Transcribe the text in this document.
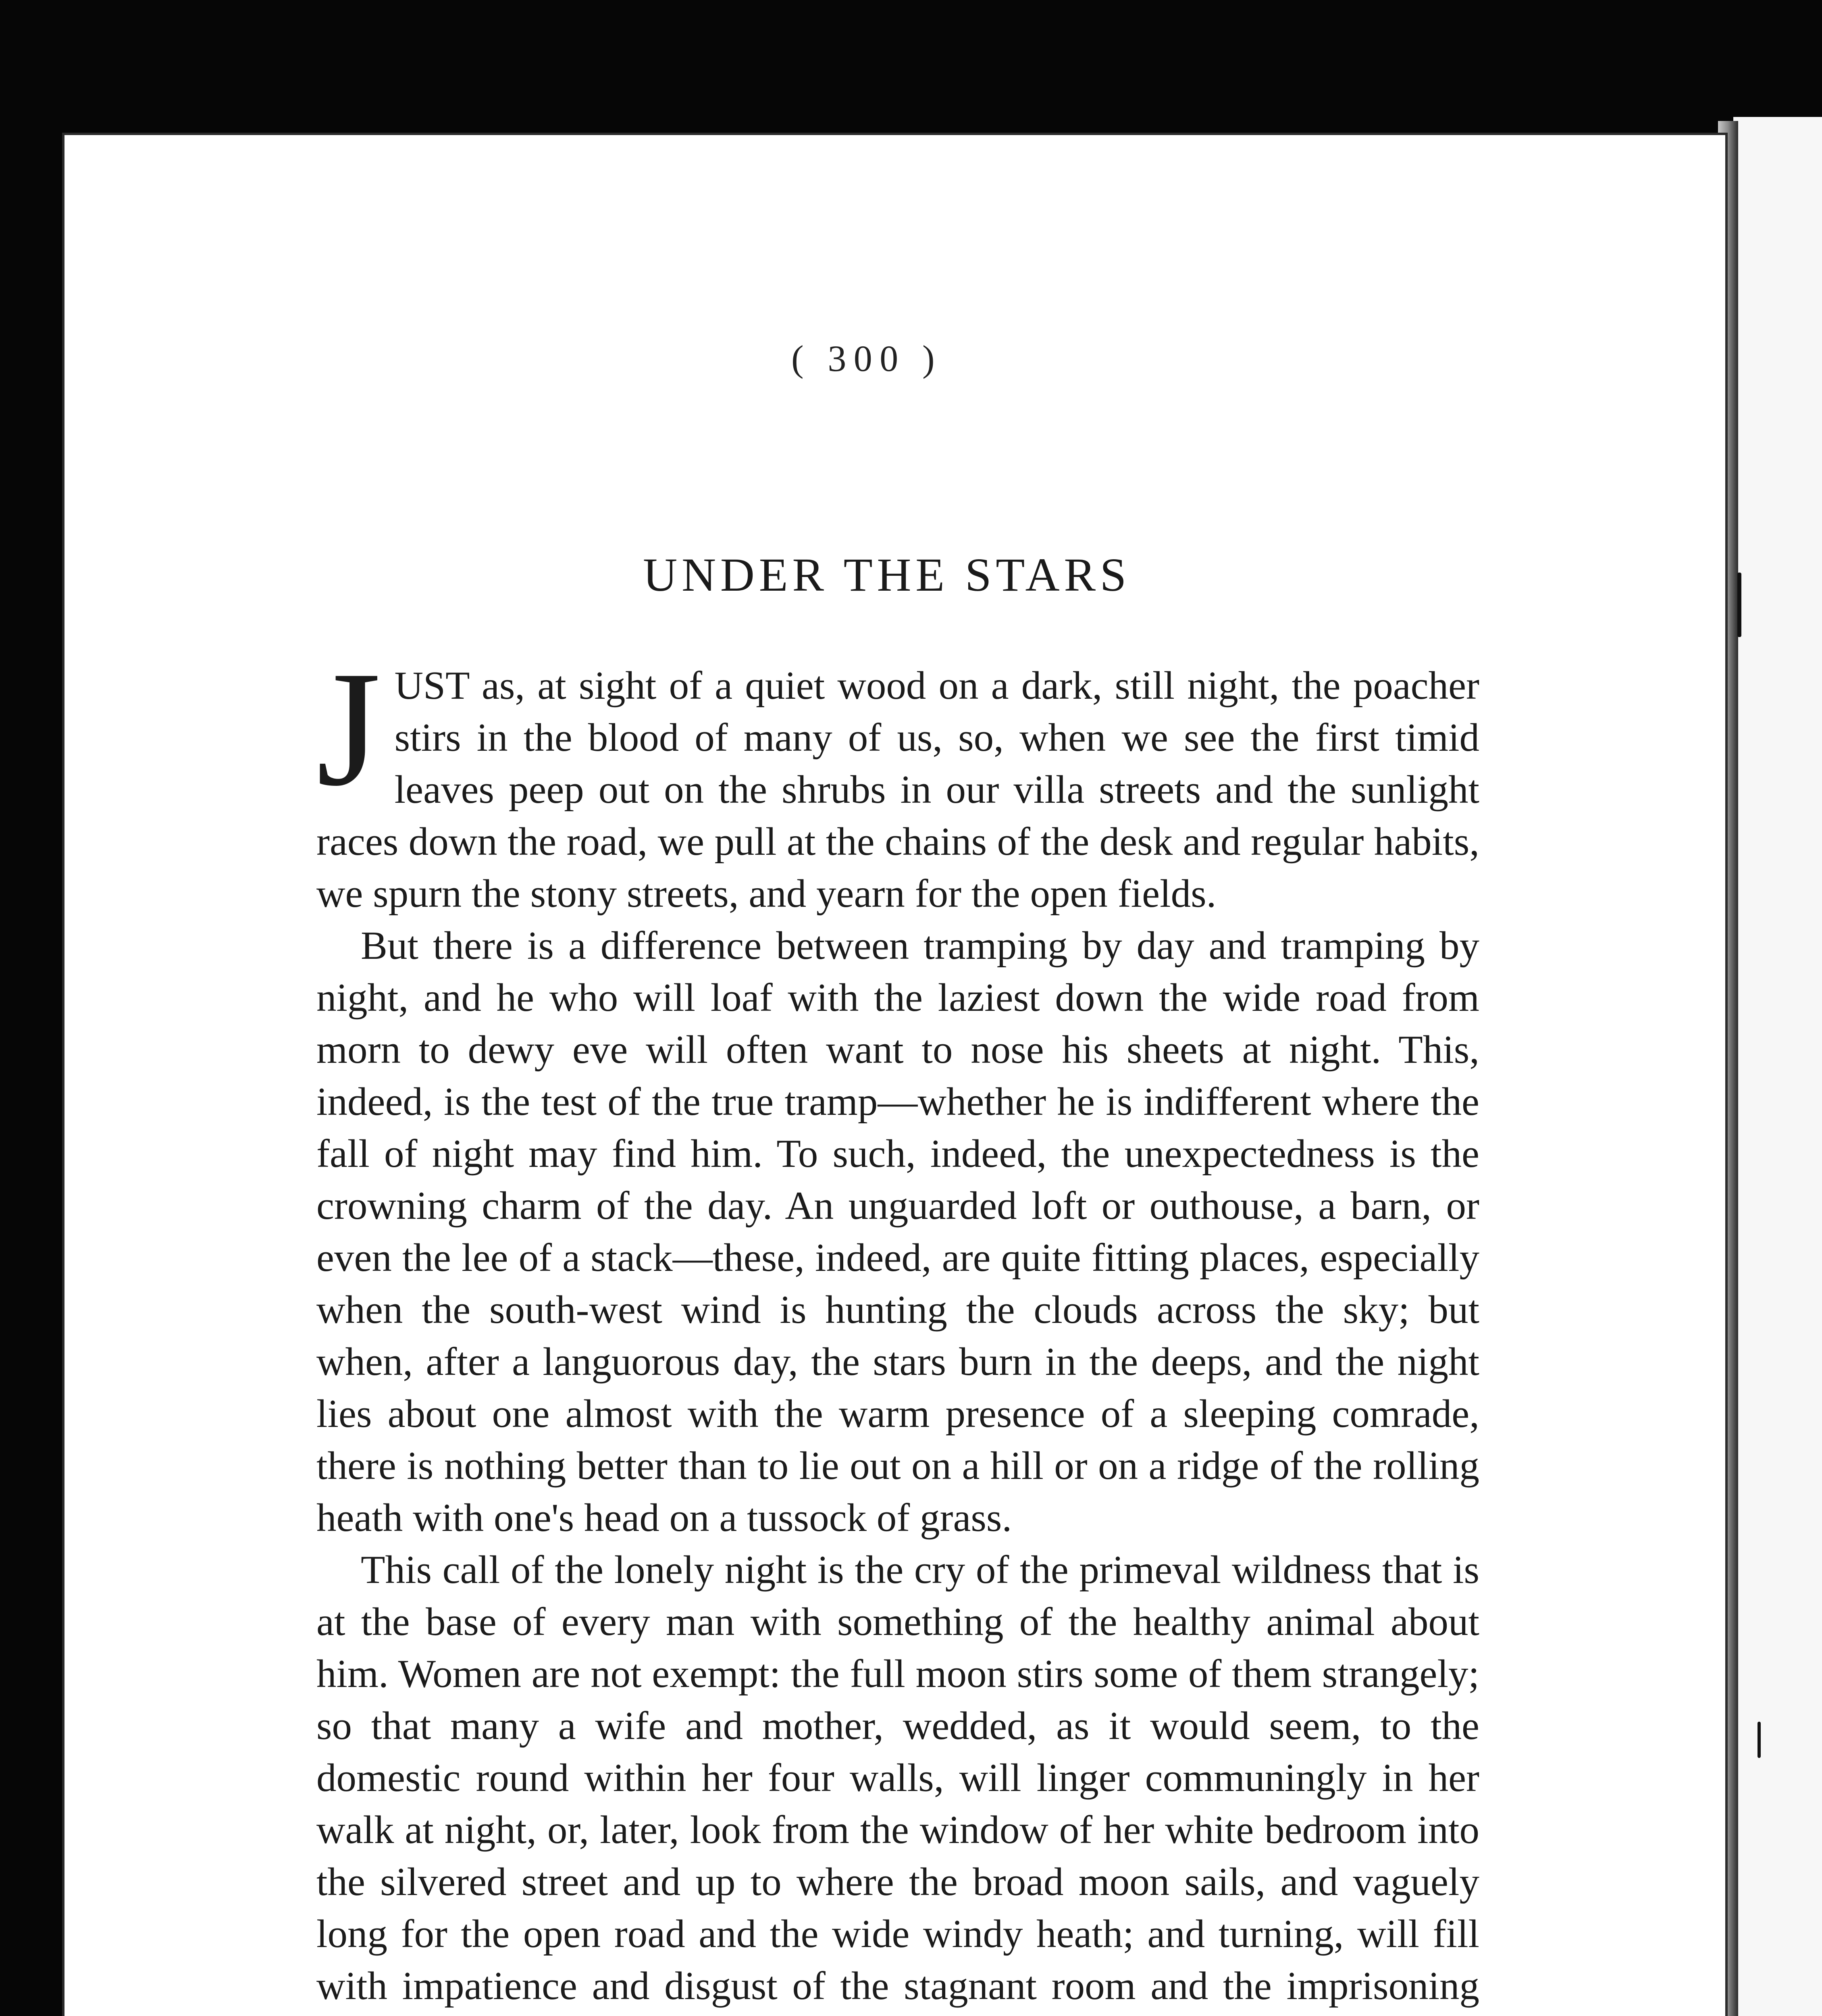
( 300 )
UNDER THE STARS

JUST as, at sight of a quiet wood on a dark, still night, the poacher stirs in the blood of many of us, so, when we see the first timid leaves peep out on the shrubs in our villa streets and the sunlight races down the road, we pull at the chains of the desk and regular habits, we spurn the stony streets, and yearn for the open fields.

But there is a difference between tramping by day and tramping by night, and he who will loaf with the laziest down the wide road from morn to dewy eve will often want to nose his sheets at night. This, indeed, is the test of the true tramp—whether he is indifferent where the fall of night may find him. To such, indeed, the unexpectedness is the crowning charm of the day. An unguarded loft or outhouse, a barn, or even the lee of a stack—these, indeed, are quite fitting places, especially when the south-west wind is hunting the clouds across the sky; but when, after a languorous day, the stars burn in the deeps, and the night lies about one almost with the warm presence of a sleeping comrade, there is nothing better than to lie out on a hill or on a ridge of the rolling heath with one's head on a tussock of grass.

This call of the lonely night is the cry of the primeval wildness that is at the base of every man with something of the healthy animal about him. Women are not exempt: the full moon stirs some of them strangely; so that many a wife and mother, wedded, as it would seem, to the domestic round within her four walls, will linger communingly in her walk at night, or, later, look from the window of her white bedroom into the silvered street and up to where the broad moon sails, and vaguely long for the open road and the wide windy heath; and turning, will fill with impatience and disgust of the stagnant room and the imprisoning
